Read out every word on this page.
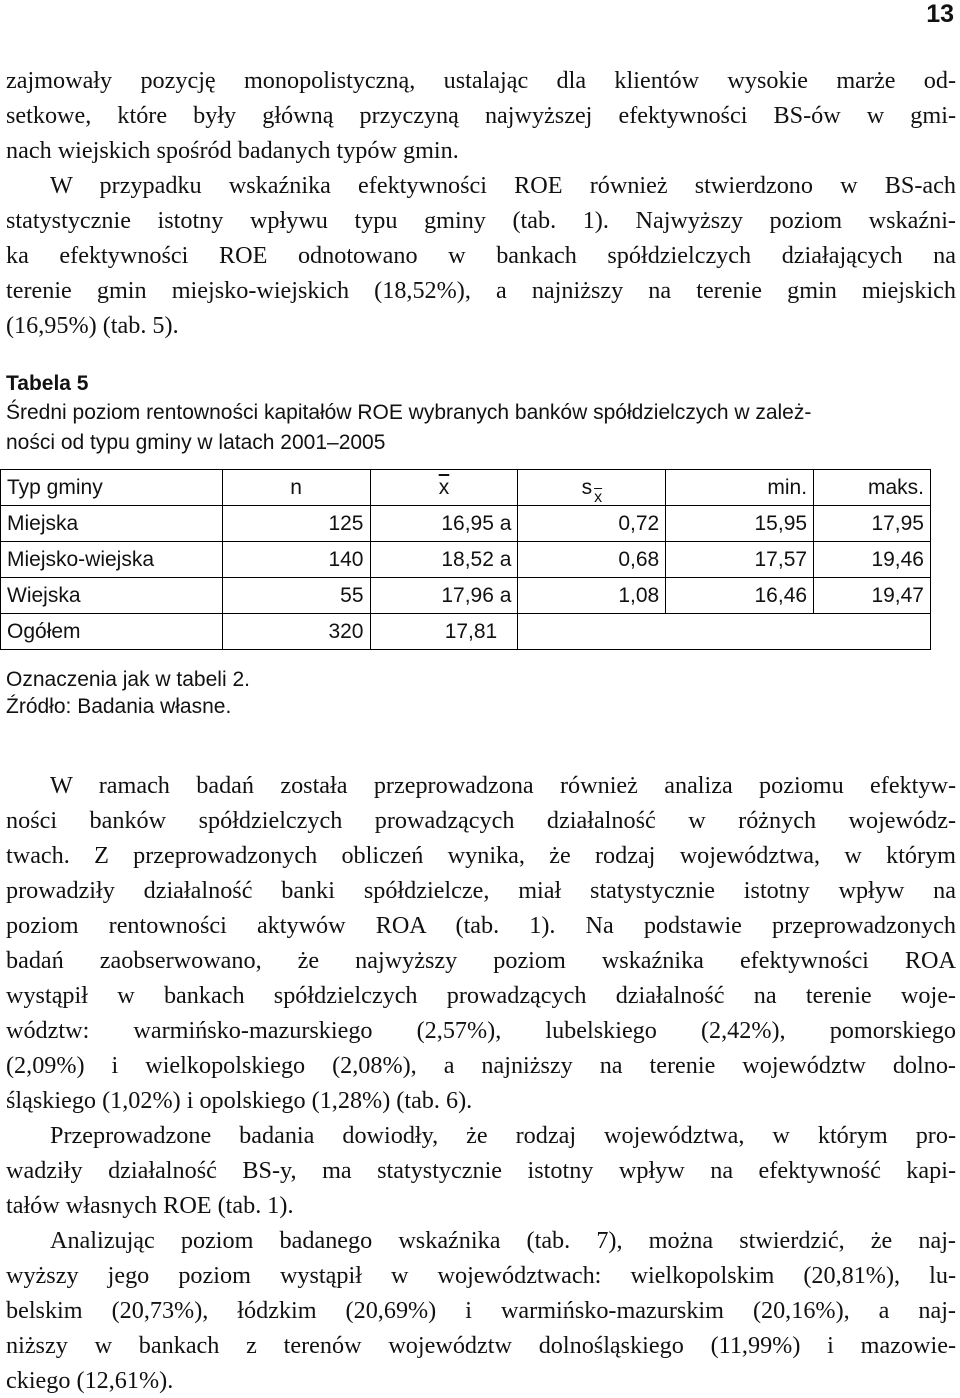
13
zajmowały pozycję monopolistyczną, ustalając dla klientów wysokie marże od-
setkowe, które były główną przyczyną najwyższej efektywności BS-ów w gmi-
nach wiejskich spośród badanych typów gmin.
W przypadku wskaźnika efektywności ROE również stwierdzono w BS-ach
statystycznie istotny wpływu typu gminy (tab. 1). Najwyższy poziom wskaźni-
ka efektywności ROE odnotowano w bankach spółdzielczych działających na
terenie gmin miejsko-wiejskich (18,52%), a najniższy na terenie gmin miejskich
(16,95%) (tab. 5).
Tabela 5
Średni poziom rentowności kapitałów ROE wybranych banków spółdzielczych w zależ-
ności od typu gminy w latach 2001–2005
Typ gminy	n	$\overline{x}$	s $_{\overline{x}}$	min.	maks.
Miejska	125	16,95 a	0,72	15,95	17,95
Miejsko-wiejska	140	18,52 a	0,68	17,57	19,46
Wiejska	55	17,96 a	1,08	16,46	19,47
Ogółem	320	17,81			
Oznaczenia jak w tabeli 2.
Źródło: Badania własne.
W ramach badań została przeprowadzona również analiza poziomu efektyw-
ności banków spółdzielczych prowadzących działalność w różnych wojewódz-
twach. Z przeprowadzonych obliczeń wynika, że rodzaj województwa, w którym
prowadziły działalność banki spółdzielcze, miał statystycznie istotny wpływ na
poziom rentowności aktywów ROA (tab. 1). Na podstawie przeprowadzonych
badań zaobserwowano, że najwyższy poziom wskaźnika efektywności ROA
wystąpił w bankach spółdzielczych prowadzących działalność na terenie woje-
wództw: warmińsko-mazurskiego (2,57%), lubelskiego (2,42%), pomorskiego
(2,09%) i wielkopolskiego (2,08%), a najniższy na terenie województw dolno-
śląskiego (1,02%) i opolskiego (1,28%) (tab. 6).
Przeprowadzone badania dowiodły, że rodzaj województwa, w którym pro-
wadziły działalność BS-y, ma statystycznie istotny wpływ na efektywność kapi-
tałów własnych ROE (tab. 1).
Analizując poziom badanego wskaźnika (tab. 7), można stwierdzić, że naj-
wyższy jego poziom wystąpił w województwach: wielkopolskim (20,81%), lu-
belskim (20,73%), łódzkim (20,69%) i warmińsko-mazurskim (20,16%), a naj-
niższy w bankach z terenów województw dolnośląskiego (11,99%) i mazowie-
ckiego (12,61%).
